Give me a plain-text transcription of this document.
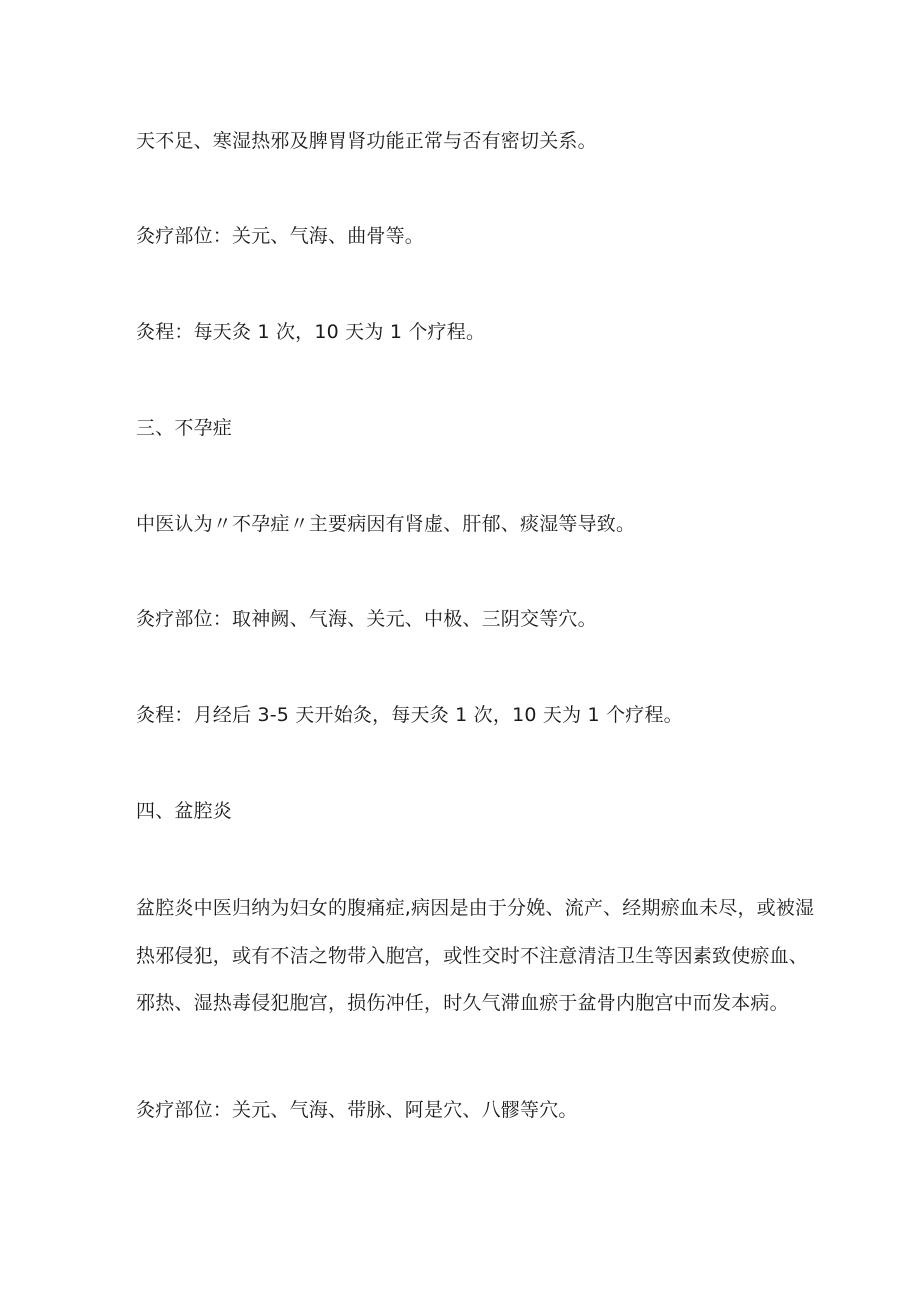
天不足、寒湿热邪及脾胃肾功能正常与否有密切关系。
灸疗部位：关元、气海、曲骨等。
灸程：每天灸 1 次，10 天为 1 个疗程。
三、不孕症
中医认为〃不孕症〃主要病因有肾虚、肝郁、痰湿等导致。
灸疗部位：取神阙、气海、关元、中极、三阴交等穴。
灸程：月经后 3-5 天开始灸，每天灸 1 次，10 天为 1 个疗程。
四、盆腔炎
盆腔炎中医归纳为妇女的腹痛症,病因是由于分娩、流产、经期瘀血未尽，或被湿
热邪侵犯，或有不洁之物带入胞宫，或性交时不注意清洁卫生等因素致使瘀血、
邪热、湿热毒侵犯胞宫，损伤冲任，时久气滞血瘀于盆骨内胞宫中而发本病。
灸疗部位：关元、气海、带脉、阿是穴、八髎等穴。
